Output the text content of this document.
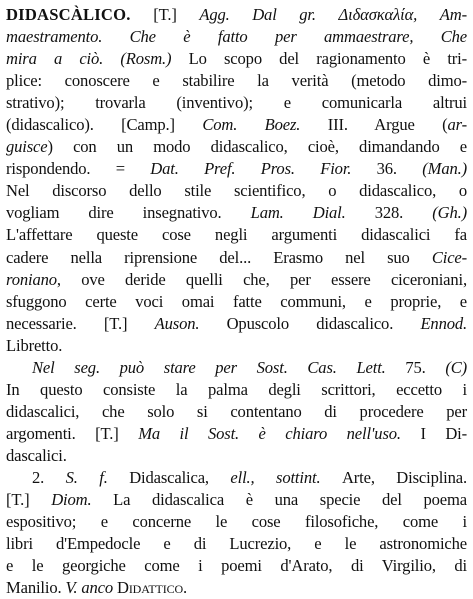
DIDASCÀLICO. [T.] Agg. Dal gr. Διδασκαλία, Am-
maestramento. Che è fatto per ammaestrare, Che
mira a ciò. (Rosm.) Lo scopo del ragionamento è tri-
plice: conoscere e stabilire la verità (metodo dimo-
strativo); trovarla (inventivo); e comunicarla altrui
(didascalico). [Camp.] Com. Boez. III. Argue (ar-
guisce) con un modo didascalico, cioè, dimandando e
rispondendo. = Dat. Pref. Pros. Fior. 36. (Man.)
Nel discorso dello stile scientifico, o didascalico, o
vogliam dire insegnativo. Lam. Dial. 328. (Gh.)
L'affettare queste cose negli argumenti didascalici fa
cadere nella riprensione del... Erasmo nel suo Cice-
roniano, ove deride quelli che, per essere ciceroniani,
sfuggono certe voci omai fatte communi, e proprie, e
necessarie. [T.] Auson. Opuscolo didascalico. Ennod.
Libretto.
Nel seg. può stare per Sost. Cas. Lett. 75. (C)
In questo consiste la palma degli scrittori, eccetto i
didascalici, che solo si contentano di procedere per
argomenti. [T.] Ma il Sost. è chiaro nell'uso. I Di-
dascalici.
2. S. f. Didascalica, ell., sottint. Arte, Disciplina.
[T.] Diom. La didascalica è una specie del poema
espositivo; e concerne le cose filosofiche, come i
libri d'Empedocle e di Lucrezio, e le astronomiche
e le georgiche come i poemi d'Arato, di Virgilio, di
Manilio. V. anco Didattico.
